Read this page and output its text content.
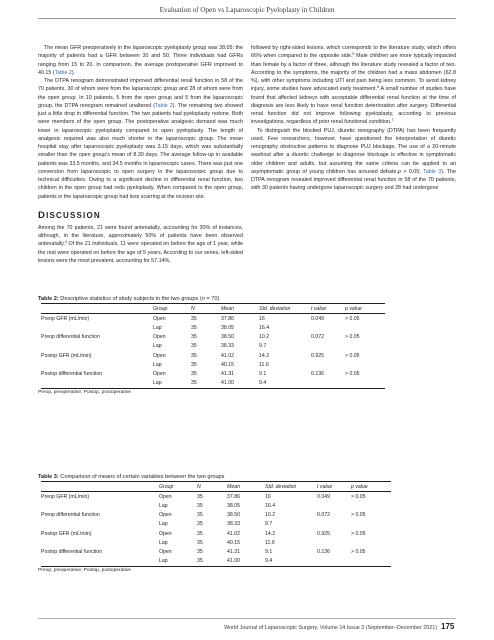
Evaluation of Open vs Laparoscopic Pyeloplasty in Children

The mean GFR preoperatively in the laparoscopic pyeloplasty group was 38.05; the majority of patients had a GFR between 30 and 50. Three individuals had GFRs ranging from 15 to 20. In comparison, the average postoperative GFR improved to 40.15 (Table 2).

The DTPA renogram demonstrated improved differential renal function in 58 of the 70 patients, 30 of whom were from the laparoscopic group and 28 of whom were from the open group. In 10 patients, 5 from the open group and 5 from the laparoscopic group, the DTPA renogram remained unaltered (Table 2). The remaining two showed just a little drop in differential function. The two patients had pyeloplasty redone. Both were members of the open group. The postoperative analgesic demand was much lower in laparoscopic pyeloplasty compared to open pyeloplasty. The length of analgesic required was also much shorter in the laparoscopic group. The mean hospital stay after laparoscopic pyeloplasty was 3.15 days, which was substantially smaller than the open group's mean of 8.30 days. The average follow-up in available patients was 33.5 months, and 34.5 months in laparoscopic cases. There was just one conversion from laparoscopic to open surgery in the laparoscopic group due to technical difficulties. Owing to a significant decline in differential renal function, two children in the open group had redo pyeloplasty. When compared to the open group, patients in the laparoscopic group had less scarring at the incision site.

DISCUSSION

Among the 70 patients, 21 were found antenatally, accounting for 30% of instances, although, in the literature, approximately 50% of patients have been observed antenatally.$^4$ Of the 21 individuals, 11 were operated on before the age of 1 year, while the rest were operated on before the age of 5 years. According to our series, left-sided lesions were the most prevalent, accounting for 57.14%,

followed by right-sided lesions, which corresponds to the literature study, which offers 66% when compared to the opposite side.$^5$ Male children are more typically impacted than female by a factor of three, although the literature study revealed a factor of two. According to the symptoms, the majority of the children had a mass abdomen (62.8 %), with other symptoms including UTI and pain being less common. To avoid kidney injury, some studies have advocated early treatment.$^6$ A small number of studies have found that affected kidneys with acceptable differential renal function at the time of diagnosis are less likely to have renal function deterioration after surgery. Differential renal function did not improve following pyeloplasty, according to previous investigations, regardless of prior renal functional condition.$^7$

To distinguish the blocked PUJ, diuretic renography (DTPA) has been frequently used. Few researchers, however, have questioned the interpretation of diuretic renography obstructive patterns to diagnose PUJ blockage. The use of a 20-minute washout after a diuretic challenge to diagnose blockage is effective in symptomatic older children and adults, but assuming the same criteria can be applied to an asymptomatic group of young children has aroused debate.p > 0.05; Table 3). The DTPA renogram revealed improved differential renal function in 58 of the 70 patients, with 30 patients having undergone laparoscopic surgery and 28 had undergone

Table 2: Descriptive statistics of study subjects in the two groups (n = 70)
	Group	N	Mean	Std. deviation	t value	p value
Preop GFR (mL/min)	Open	35	37.86	16	0.049	> 0.05
	Lap	35	38.05	16.4		
Preop differential function	Open	35	38.50	10.2	0.072	> 0.05
	Lap	35	38.33	9.7		
Postop GFR (mL/min)	Open	35	41.02	14.2	0.925	> 0.05
	Lap	35	40.15	11.6		
Postop differential function	Open	35	41.31	9.1	0.136	> 0.05
	Lap	35	41.00	9.4		
Preop, preoperative; Postop, postoperative
Table 3: Comparison of means of certain variables between the two groups
	Group	N	Mean	Std. deviation	t value	p value
Preop GFR (mL/min)	Open	35	37.86	16	0.049	> 0.05
	Lap	35	38.05	16.4		
Preop differential function	Open	35	38.50	10.2	0.072	> 0.05
	Lap	35	38.33	9.7		
Postop GFR (mL/min)	Open	35	41.02	14.2	0.925	> 0.05
	Lap	35	40.15	11.6		
Postop differential function	Open	35	41.31	9.1	0.136	> 0.05
	Lap	35	41.00	9.4		
Preop, preoperative; Postop, postoperative
World Journal of Laparoscopic Surgery, Volume 14 Issue 3 (September–December 2021) 175
